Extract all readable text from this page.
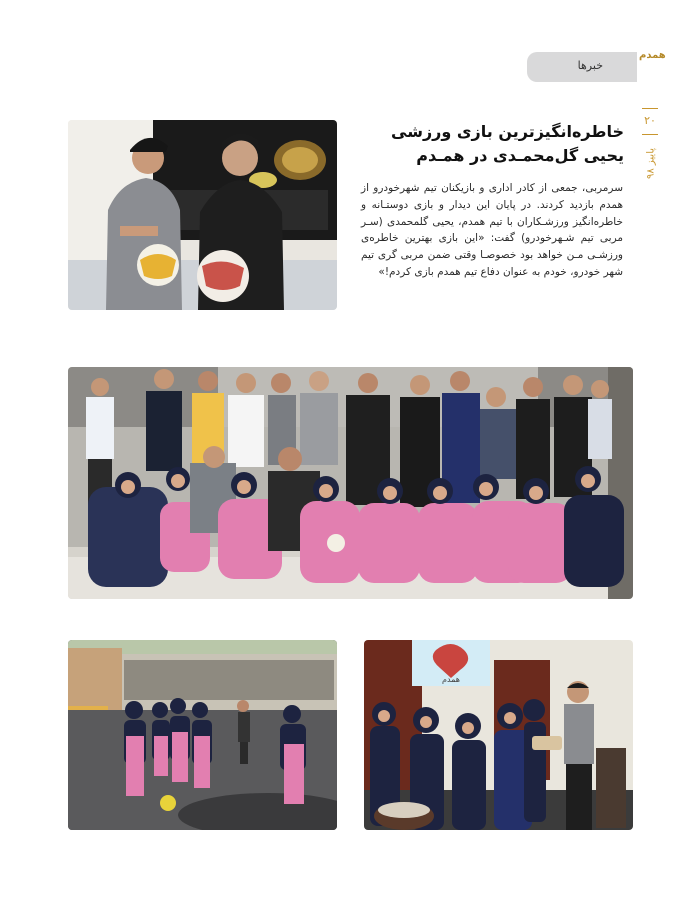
خبرها
همدم
۲۰
پاییز ۹۸
خاطره‌انگیزترین بازی ورزشی
یحیی گل‌محمـدی در همـدم
سرمربی، جمعی از کادر اداری و بازیکنان تیم شهرخودرو از همدم بازدید کردند. در پایان این دیدار و بازی دوستـانه و خاطره‌انگیز ورزشـکاران با تیم همدم، یحیی گلمحمدی (سـر مربی تیم شـهرخودرو) گفت: «این بازی بهترین خاطره‌ی ورزشـی مـن خواهد بود خصوصـا وقتی ضمن مربی گری تیم شهر خودرو، خودم به عنوان دفاع تیم همدم بازی کردم!»
همدم
